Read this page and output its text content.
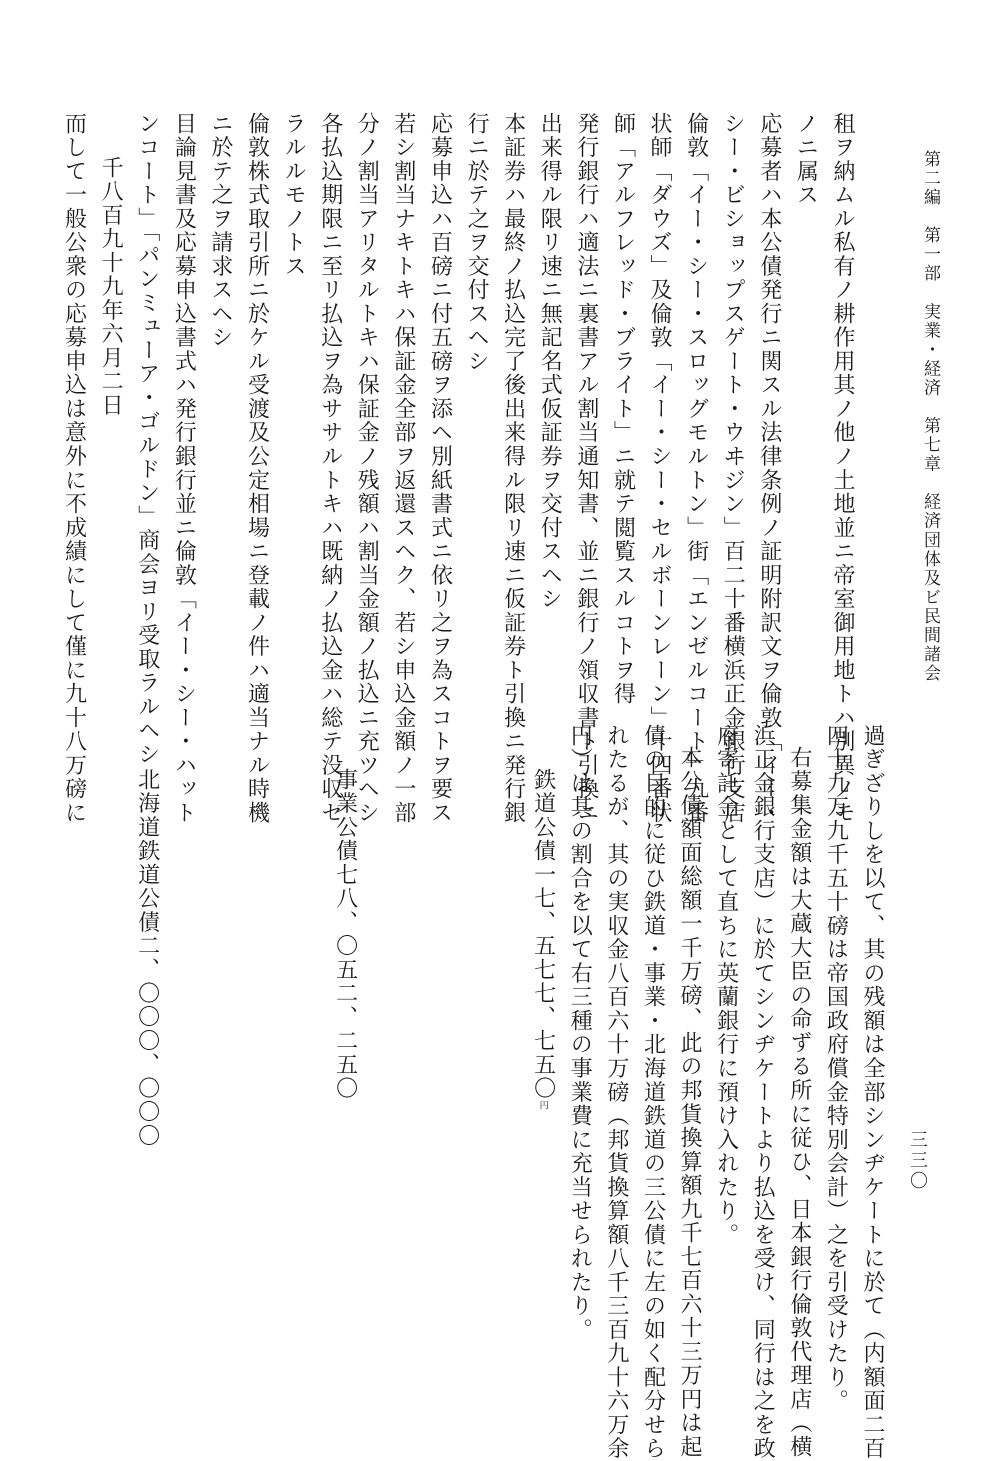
第二編　第一部　実業・経済　第七章　経済団体及ビ民間諸会
三三〇

租ヲ納ムル私有ノ耕作用其ノ他ノ土地並ニ帝室御用地トハ別異ノモ

ノニ属ス

応募者ハ本公債発行ニ関スル法律条例ノ証明附訳文ヲ倫敦「イー・

シー・ビショップスゲート・ウヰジン」百二十番横浜正金銀行支店

倫敦「イー・シー・スロッグモルトン」街「エンゼルコート」九番

状師「ダウズ」及倫敦「イー・シー・セルボーンレーン」十四番状

師「アルフレッド・ブライト」ニ就テ閲覧スルコトヲ得

発行銀行ハ適法ニ裏書アル割当通知書、並ニ銀行ノ領収書ト引換ニ

出来得ル限リ速ニ無記名式仮証券ヲ交付スヘシ

本証券ハ最終ノ払込完了後出来得ル限リ速ニ仮証券ト引換ニ発行銀

行ニ於テ之ヲ交付スヘシ

応募申込ハ百磅ニ付五磅ヲ添ヘ別紙書式ニ依リ之ヲ為スコトヲ要ス

若シ割当ナキトキハ保証金全部ヲ返還スヘク、若シ申込金額ノ一部

分ノ割当アリタルトキハ保証金ノ残額ハ割当金額ノ払込ニ充ツヘシ

各払込期限ニ至リ払込ヲ為ササルトキハ既納ノ払込金ハ総テ没収セ

ラルルモノトス

倫敦株式取引所ニ於ケル受渡及公定相場ニ登載ノ件ハ適当ナル時機

ニ於テ之ヲ請求スヘシ

目論見書及応募申込書式ハ発行銀行並ニ倫敦「イー・シー・ハット

ンコート」「パンミューア・ゴルドン」商会ヨリ受取ラルヘシ

千八百九十九年六月二日

而して一般公衆の応募申込は意外に不成績にして僅に九十八万磅に

過ぎざりしを以て、其の残額は全部シンヂケートに於て（内額面二百

四十九万九千五十磅は帝国政府償金特別会計）之を引受けたり。

右募集金額は大蔵大臣の命ずる所に従ひ、日本銀行倫敦代理店（横

浜正金銀行支店）に於てシンヂケートより払込を受け、同行は之を政

府寄託金として直ちに英蘭銀行に預け入れたり。

本公債額面総額一千万磅、此の邦貨換算額九千七百六十三万円は起

債の目的に従ひ鉄道・事業・北海道鉄道の三公債に左の如く配分せら

れたるが、其の実収金八百六十万磅（邦貨換算額八千三百九十六万余

円）は其の割合を以て右三種の事業費に充当せられたり。

鉄道公債
一七、五七七、七五〇$^円$

事業公債
七八、〇五二、二五〇

北海道鉄道公債
二、〇〇〇、〇〇〇
